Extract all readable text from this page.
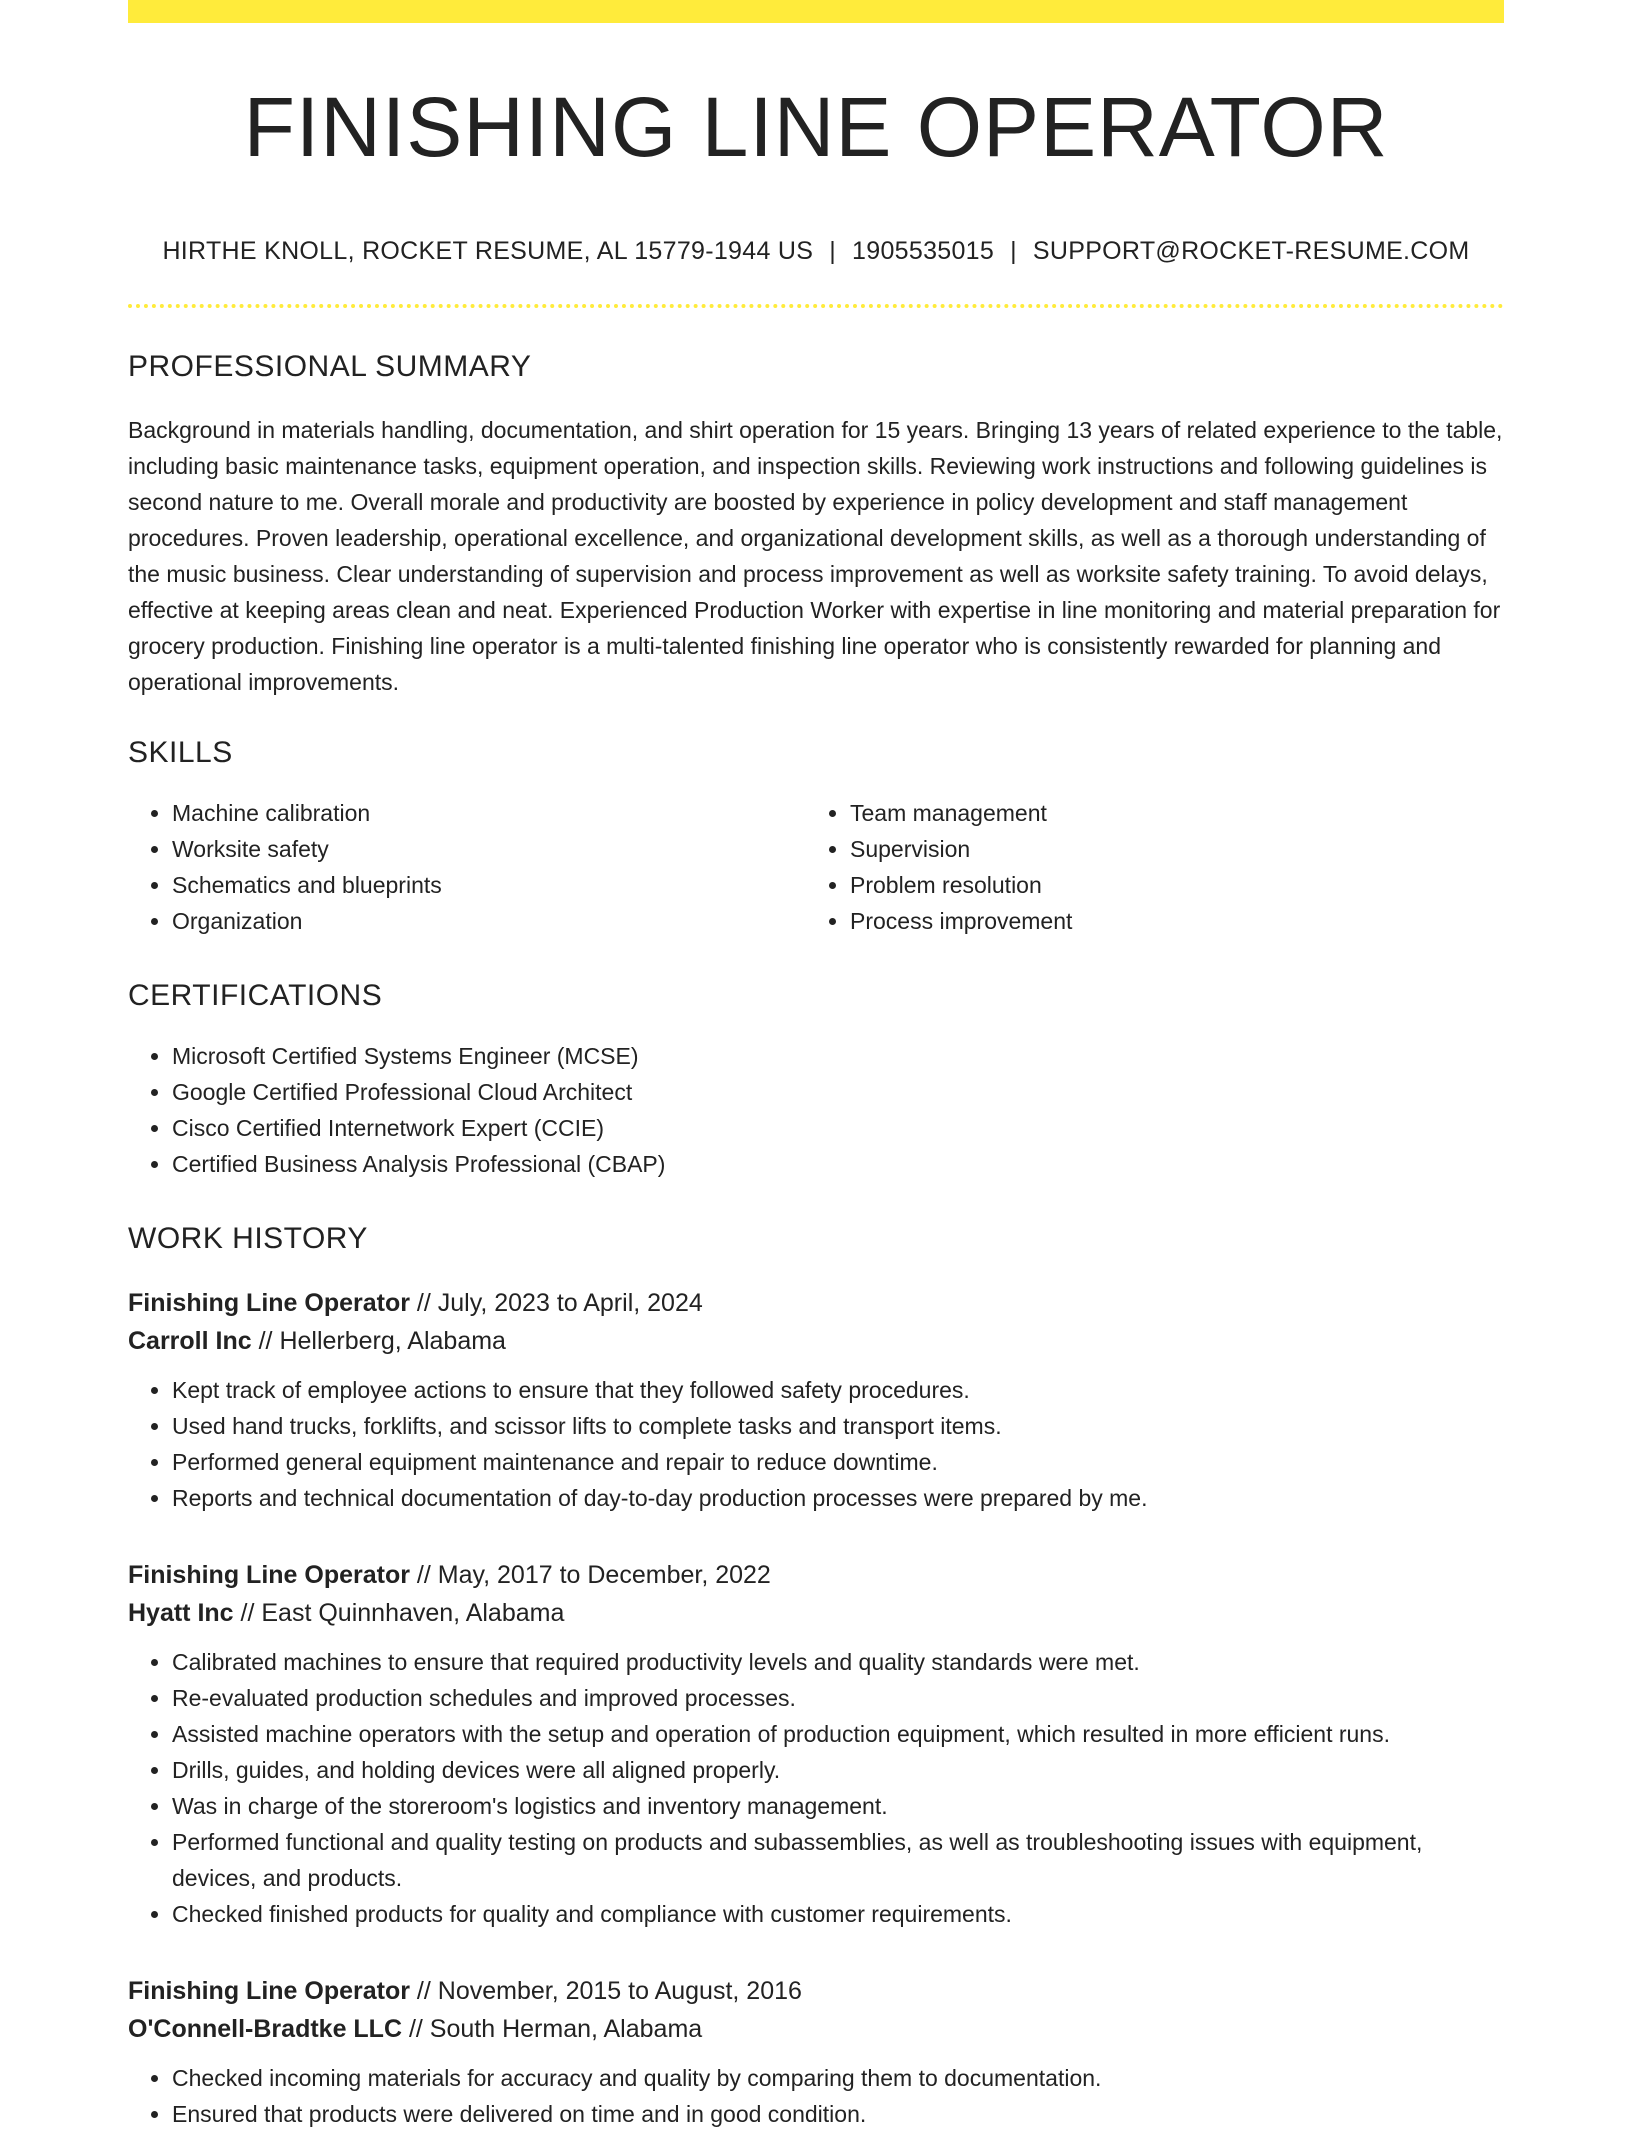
FINISHING LINE OPERATOR
HIRTHE KNOLL, ROCKET RESUME, AL 15779-1944 US | 1905535015 | SUPPORT@ROCKET-RESUME.COM
PROFESSIONAL SUMMARY
Background in materials handling, documentation, and shirt operation for 15 years. Bringing 13 years of related experience to the table, including basic maintenance tasks, equipment operation, and inspection skills. Reviewing work instructions and following guidelines is second nature to me. Overall morale and productivity are boosted by experience in policy development and staff management procedures. Proven leadership, operational excellence, and organizational development skills, as well as a thorough understanding of the music business. Clear understanding of supervision and process improvement as well as worksite safety training. To avoid delays, effective at keeping areas clean and neat. Experienced Production Worker with expertise in line monitoring and material preparation for grocery production. Finishing line operator is a multi-talented finishing line operator who is consistently rewarded for planning and operational improvements.
SKILLS
• Machine calibration
• Worksite safety
• Schematics and blueprints
• Organization
• Team management
• Supervision
• Problem resolution
• Process improvement
CERTIFICATIONS
• Microsoft Certified Systems Engineer (MCSE)
• Google Certified Professional Cloud Architect
• Cisco Certified Internetwork Expert (CCIE)
• Certified Business Analysis Professional (CBAP)
WORK HISTORY
Finishing Line Operator // July, 2023 to April, 2024
Carroll Inc // Hellerberg, Alabama
• Kept track of employee actions to ensure that they followed safety procedures.
• Used hand trucks, forklifts, and scissor lifts to complete tasks and transport items.
• Performed general equipment maintenance and repair to reduce downtime.
• Reports and technical documentation of day-to-day production processes were prepared by me.
Finishing Line Operator // May, 2017 to December, 2022
Hyatt Inc // East Quinnhaven, Alabama
• Calibrated machines to ensure that required productivity levels and quality standards were met.
• Re-evaluated production schedules and improved processes.
• Assisted machine operators with the setup and operation of production equipment, which resulted in more efficient runs.
• Drills, guides, and holding devices were all aligned properly.
• Was in charge of the storeroom's logistics and inventory management.
• Performed functional and quality testing on products and subassemblies, as well as troubleshooting issues with equipment, devices, and products.
• Checked finished products for quality and compliance with customer requirements.
Finishing Line Operator // November, 2015 to August, 2016
O'Connell-Bradtke LLC // South Herman, Alabama
• Checked incoming materials for accuracy and quality by comparing them to documentation.
• Ensured that products were delivered on time and in good condition.
